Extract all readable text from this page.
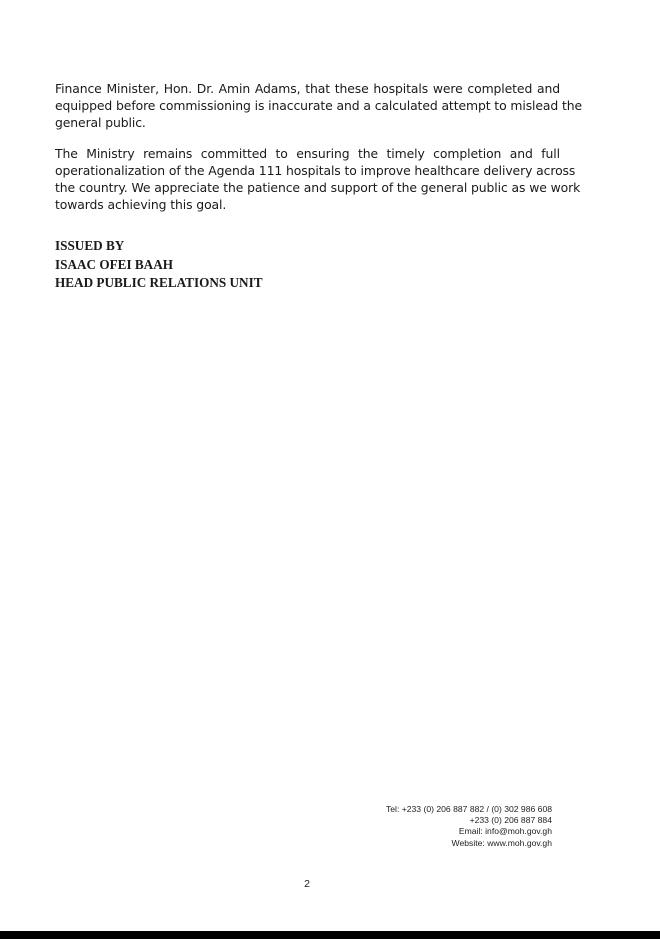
Finance Minister, Hon. Dr. Amin Adams, that these hospitals were completed and
equipped before commissioning is inaccurate and a calculated attempt to mislead the
general public.
The Ministry remains committed to ensuring the timely completion and full
operationalization of the Agenda 111 hospitals to improve healthcare delivery across
the country. We appreciate the patience and support of the general public as we work
towards achieving this goal.
ISSUED BY
ISAAC OFEI BAAH
HEAD PUBLIC RELATIONS UNIT
Tel: +233 (0) 206 887 882 / (0) 302 986 608
+233 (0) 206 887 884
Email: info@moh.gov.gh
Website: www.moh.gov.gh
2
